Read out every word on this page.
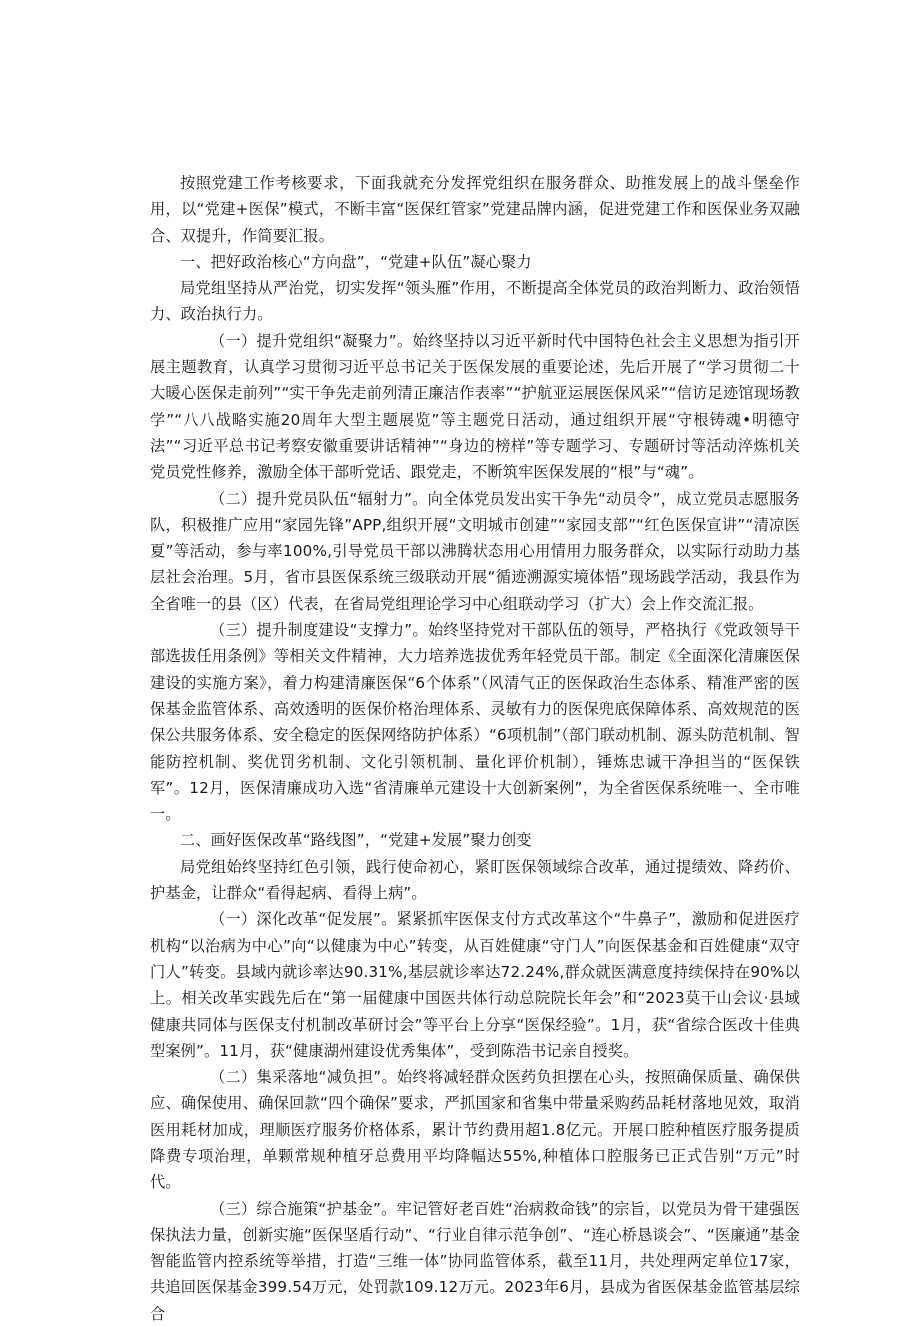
按照党建工作考核要求，下面我就充分发挥党组织在服务群众、助推发展上的战斗堡垒作用，以“党建+医保”模式，不断丰富“医保红管家”党建品牌内涵，促进党建工作和医保业务双融合、双提升，作简要汇报。

一、把好政治核心“方向盘”，“党建+队伍”凝心聚力

局党组坚持从严治党，切实发挥“领头雁”作用，不断提高全体党员的政治判断力、政治领悟力、政治执行力。

（一）提升党组织“凝聚力”。始终坚持以习近平新时代中国特色社会主义思想为指引开展主题教育，认真学习贯彻习近平总书记关于医保发展的重要论述，先后开展了“学习贯彻二十大暖心医保走前列”“实干争先走前列清正廉洁作表率”“护航亚运展医保风采”“信访足迹馆现场教学”“八八战略实施20周年大型主题展览”等主题党日活动，通过组织开展“守根铸魂•明德守法”“习近平总书记考察安徽重要讲话精神”“身边的榜样”等专题学习、专题研讨等活动淬炼机关党员党性修养，激励全体干部听党话、跟党走，不断筑牢医保发展的“根”与“魂”。

（二）提升党员队伍“辐射力”。向全体党员发出实干争先“动员令”，成立党员志愿服务队，积极推广应用“家园先锋”APP,组织开展“文明城市创建”“家园支部”“红色医保宣讲”“清凉医夏”等活动，参与率100%,引导党员干部以沸腾状态用心用情用力服务群众，以实际行动助力基层社会治理。5月，省市县医保系统三级联动开展“循迹溯源实境体悟”现场践学活动，我县作为全省唯一的县（区）代表，在省局党组理论学习中心组联动学习（扩大）会上作交流汇报。

（三）提升制度建设“支撑力”。始终坚持党对干部队伍的领导，严格执行《党政领导干部选拔任用条例》等相关文件精神，大力培养选拔优秀年轻党员干部。制定《全面深化清廉医保建设的实施方案》，着力构建清廉医保“6个体系”（风清气正的医保政治生态体系、精准严密的医保基金监管体系、高效透明的医保价格治理体系、灵敏有力的医保兜底保障体系、高效规范的医保公共服务体系、安全稳定的医保网络防护体系）“6项机制”（部门联动机制、源头防范机制、智能防控机制、奖优罚劣机制、文化引领机制、量化评价机制），锤炼忠诚干净担当的“医保铁军”。12月，医保清廉成功入选“省清廉单元建设十大创新案例”，为全省医保系统唯一、全市唯一。

二、画好医保改革“路线图”，“党建+发展”聚力创变

局党组始终坚持红色引领，践行使命初心，紧盯医保领域综合改革，通过提绩效、降药价、护基金，让群众“看得起病、看得上病”。

（一）深化改革“促发展”。紧紧抓牢医保支付方式改革这个“牛鼻子”，激励和促进医疗机构“以治病为中心”向“以健康为中心”转变，从百姓健康“守门人”向医保基金和百姓健康“双守门人”转变。县域内就诊率达90.31%,基层就诊率达72.24%,群众就医满意度持续保持在90%以上。相关改革实践先后在“第一届健康中国医共体行动总院院长年会”和“2023莫干山会议·县域健康共同体与医保支付机制改革研讨会”等平台上分享“医保经验”。1月，获“省综合医改十佳典型案例”。11月，获“健康湖州建设优秀集体”，受到陈浩书记亲自授奖。

（二）集采落地“减负担”。始终将减轻群众医药负担摆在心头，按照确保质量、确保供应、确保使用、确保回款“四个确保”要求，严抓国家和省集中带量采购药品耗材落地见效，取消医用耗材加成，理顺医疗服务价格体系，累计节约费用超1.8亿元。开展口腔种植医疗服务提质降费专项治理，单颗常规种植牙总费用平均降幅达55%,种植体口腔服务已正式告别“万元”时代。

（三）综合施策“护基金”。牢记管好老百姓“治病救命钱”的宗旨，以党员为骨干建强医保执法力量，创新实施“医保坚盾行动”、“行业自律示范争创”、“连心桥恳谈会”、“医廉通”基金智能监管内控系统等举措，打造“三维一体”协同监管体系，截至11月，共处理两定单位17家，共追回医保基金399.54万元，处罚款109.12万元。2023年6月，县成为省医保基金监管基层综合
